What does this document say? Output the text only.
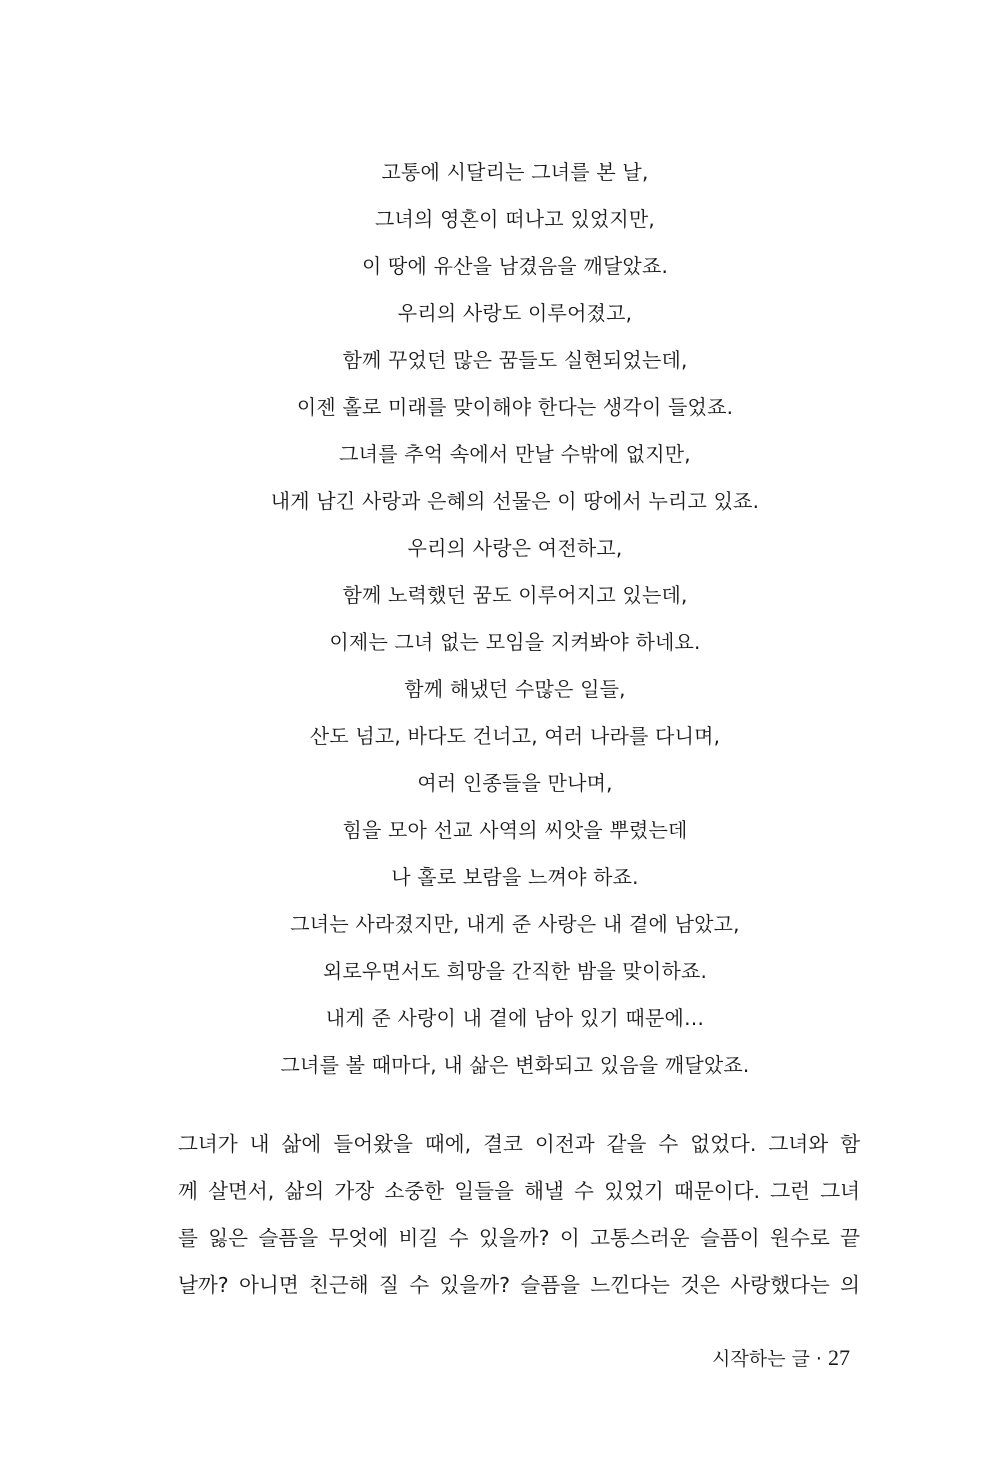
고통에 시달리는 그녀를 본 날,
그녀의 영혼이 떠나고 있었지만,
이 땅에 유산을 남겼음을 깨달았죠.
우리의 사랑도 이루어졌고,
함께 꾸었던 많은 꿈들도 실현되었는데,
이젠 홀로 미래를 맞이해야 한다는 생각이 들었죠.
그녀를 추억 속에서 만날 수밖에 없지만,
내게 남긴 사랑과 은혜의 선물은 이 땅에서 누리고 있죠.
우리의 사랑은 여전하고,
함께 노력했던 꿈도 이루어지고 있는데,
이제는 그녀 없는 모임을 지켜봐야 하네요.
함께 해냈던 수많은 일들,
산도 넘고, 바다도 건너고, 여러 나라를 다니며,
여러 인종들을 만나며,
힘을 모아 선교 사역의 씨앗을 뿌렸는데
나 홀로 보람을 느껴야 하죠.
그녀는 사라졌지만, 내게 준 사랑은 내 곁에 남았고,
외로우면서도 희망을 간직한 밤을 맞이하죠.
내게 준 사랑이 내 곁에 남아 있기 때문에…
그녀를 볼 때마다, 내 삶은 변화되고 있음을 깨달았죠.
그녀가 내 삶에 들어왔을 때에, 결코 이전과 같을 수 없었다. 그녀와 함
께 살면서, 삶의 가장 소중한 일들을 해낼 수 있었기 때문이다. 그런 그녀
를 잃은 슬픔을 무엇에 비길 수 있을까? 이 고통스러운 슬픔이 원수로 끝
날까? 아니면 친근해 질 수 있을까? 슬픔을 느낀다는 것은 사랑했다는 의
시작하는 글 · 27
